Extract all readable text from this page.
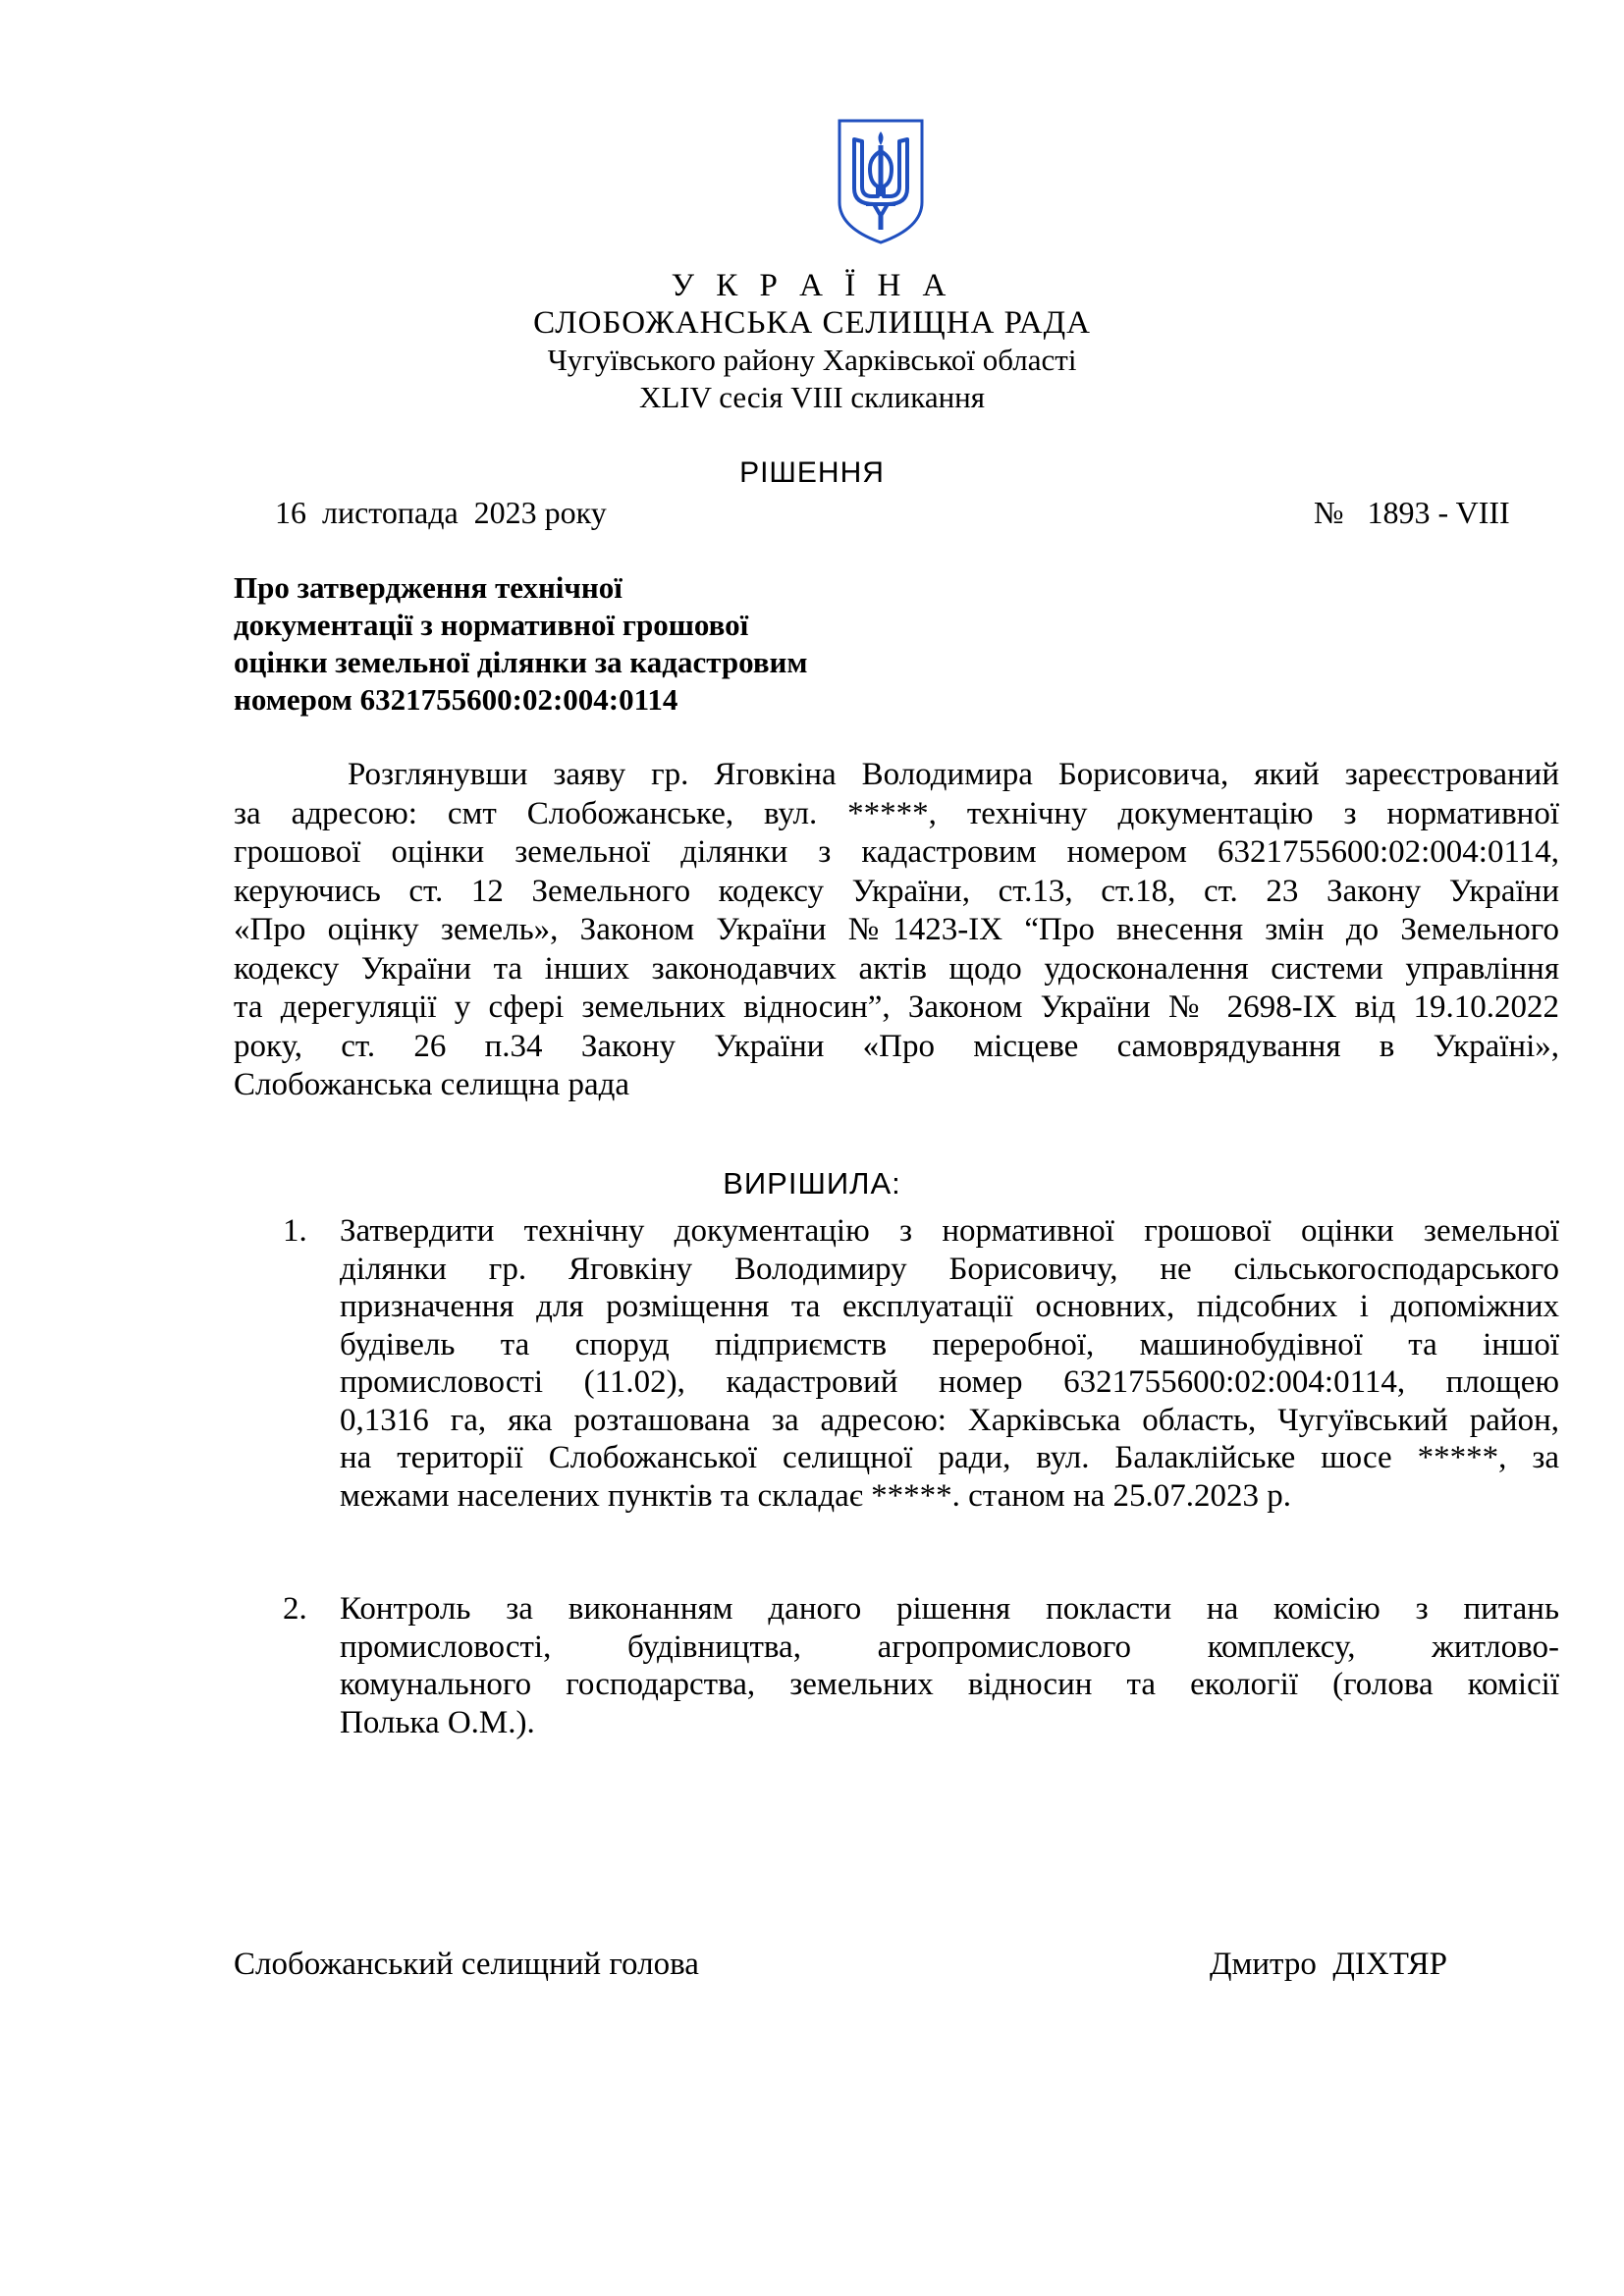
У К Р А Ї Н А
СЛОБОЖАНСЬКА СЕЛИЩНА РАДА
Чугуївського району Харківської області
XLIV сесія VIII скликання
РІШЕННЯ
16  листопада  2023 року	№   1893 - VIII
Про затвердження технічної
документації з нормативної грошової
оцінки земельної ділянки за кадастровим
номером 6321755600:02:004:0114
Розглянувши заяву гр. Яговкіна Володимира Борисовича, який зареєстрований
за адресою: смт Слобожанське, вул. *****, технічну документацію з нормативної
грошової оцінки земельної ділянки з кадастровим номером 6321755600:02:004:0114,
керуючись ст. 12 Земельного кодексу України, ст.13, ст.18, ст. 23 Закону України
«Про оцінку земель», Законом України №1423-IX “Про внесення змін до Земельного
кодексу України та інших законодавчих актів щодо удосконалення системи управління
та дерегуляції у сфері земельних відносин”, Законом України № 2698-IX від 19.10.2022
року, ст. 26 п.34 Закону України «Про місцеве самоврядування в Україні»,
Слобожанська селищна рада
ВИРІШИЛА:
1.	Затвердити технічну документацію з нормативної грошової оцінки земельної
ділянки гр. Яговкіну Володимиру Борисовичу, не сільськогосподарського
призначення для розміщення та експлуатації основних, підсобних і допоміжних
будівель та споруд підприємств переробної, машинобудівної та іншої
промисловості (11.02), кадастровий номер 6321755600:02:004:0114, площею
0,1316 га, яка розташована за адресою: Харківська область, Чугуївський район,
на території Слобожанської селищної ради, вул. Балаклійське шосе *****, за
межами населених пунктів та складає *****. станом на 25.07.2023 р.
2.	Контроль за виконанням даного рішення покласти на комісію з питань
промисловості, будівництва, агропромислового комплексу, житлово-
комунального господарства, земельних відносин та екології (голова комісії
Полька О.М.).
Слобожанський селищний голова	Дмитро  ДІХТЯР
